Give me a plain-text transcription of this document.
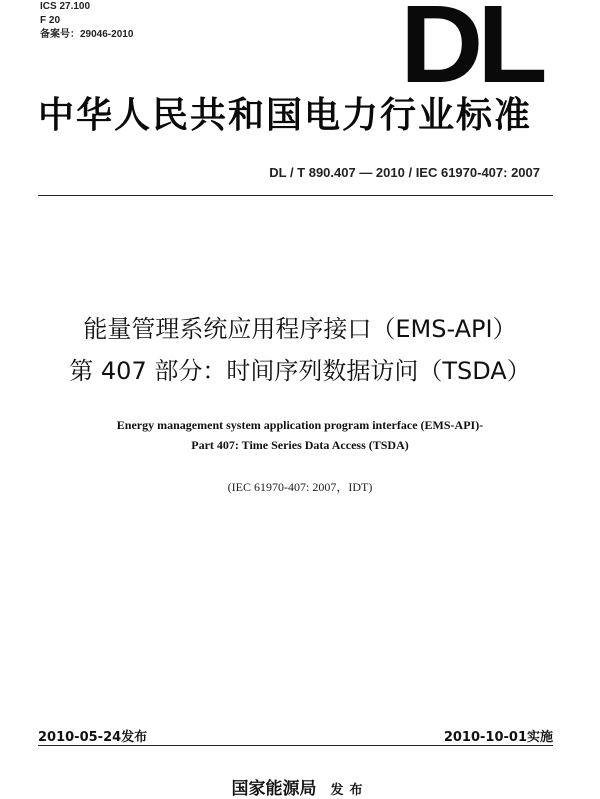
ICS 27.100
F 20
备案号：29046-2010 DL
中华人民共和国电力行业标准
DL / T 890.407 — 2010 / IEC 61970-407: 2007
能量管理系统应用程序接口（EMS-API）
第 407 部分：时间序列数据访问（TSDA）
Energy management system application program interface (EMS-API)-
Part 407: Time Series Data Access (TSDA)
(IEC 61970-407: 2007，IDT)
2010-05-24发布	2010-10-01实施
国家能源局 发布
